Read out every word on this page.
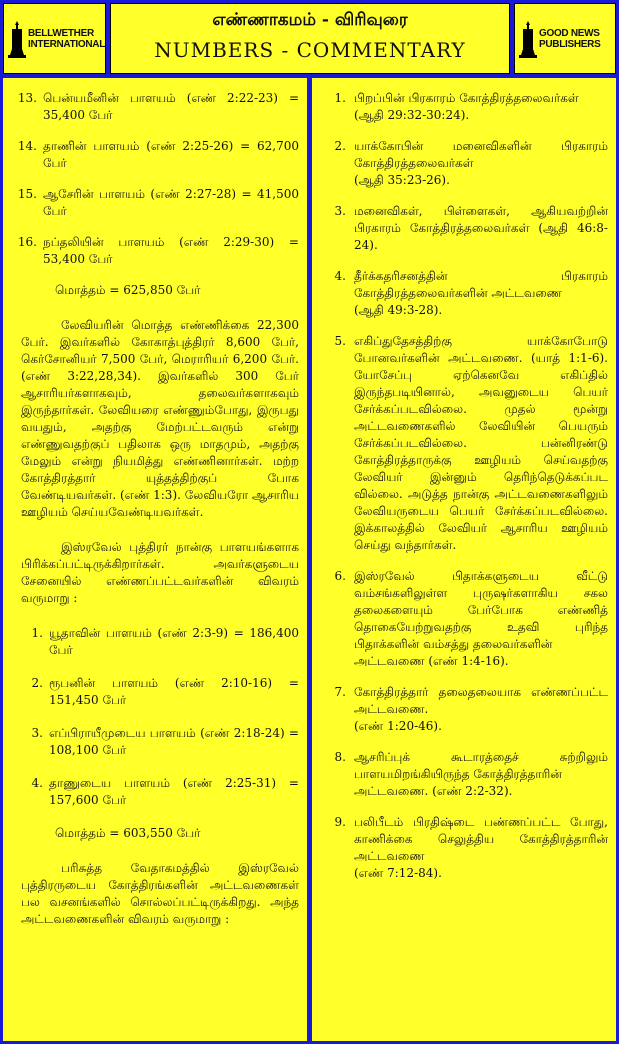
BELLWETHER
INTERNATIONAL
எண்ணாகமம் - விரிவுரை
NUMBERS - COMMENTARY
GOOD NEWS
PUBLISHERS
13. பென்யமீனின் பாளயம் (எண் 2:22-23) = 35,400 பேர்
14. தாணின் பாளயம் (எண் 2:25-26) = 62,700 பேர்
15. ஆசேரின் பாளயம் (எண் 2:27-28) = 41,500 பேர்
16. நப்தலியின் பாளயம் (எண் 2:29-30) = 53,400 பேர்
மொத்தம் = 625,850 பேர்

லேவியரின் மொத்த எண்ணிக்கை 22,300 பேர். இவர்களில் கோகாத்புத்திரர் 8,600 பேர், கெர்சோனியர் 7,500 பேர், மெராரியர் 6,200 பேர். (எண் 3:22,28,34). இவர்களில் 300 பேர் ஆசாரியர்களாகவும், தலைவர்களாகவும் இருந்தார்கள். லேவியரை எண்ணும்போது, இருபது வயதும், அதற்கு மேற்பட்டவரும் என்று எண்ணுவதற்குப் பதிலாக ஒரு மாதமும், அதற்கு மேலும் என்று நியமித்து எண்ணினார்கள். மற்ற கோத்திரத்தார் யுத்தத்திற்குப் போக வேண்டியவர்கள். (எண் 1:3). லேவியரோ ஆசாரிய ஊழியம் செய்யவேண்டியவர்கள்.

இஸ்ரவேல் புத்திரர் நான்கு பாளயங்களாக பிரிக்கப்பட்டிருக்கிறார்கள். அவர்களுடைய சேனையில் எண்ணப்பட்டவர்களின் விவரம் வருமாறு :

1. யூதாவின் பாளயம் (எண் 2:3-9) = 186,400 பேர்
2. ரூபனின் பாளயம் (எண் 2:10-16) = 151,450 பேர்
3. எப்பிராயீமுடைய பாளயம் (எண் 2:18-24) = 108,100 பேர்
4. தாணுடைய பாளயம் (எண் 2:25-31) = 157,600 பேர்
மொத்தம் = 603,550 பேர்

பரிசுத்த வேதாகமத்தில் இஸ்ரவேல் புத்திரருடைய கோத்திரங்களின் அட்டவணைகள் பல வசனங்களில் சொல்லப்பட்டிருக்கிறது. அந்த அட்டவணைகளின் விவரம் வருமாறு :

1. பிறப்பின் பிரகாரம் கோத்திரத்தலைவர்கள்
(ஆதி 29:32-30:24).
2. யாக்கோபின் மனைவிகளின் பிரகாரம் கோத்திரத்தலைவர்கள்
(ஆதி 35:23-26).
3. மனைவிகள், பிள்ளைகள், ஆகியவற்றின் பிரகாரம் கோத்திரத்தலைவர்கள் (ஆதி 46:8-24).
4. தீர்க்கதரிசனத்தின் பிரகாரம் கோத்திரத்தலைவர்களின் அட்டவணை
(ஆதி 49:3-28).
5. எகிப்துதேசத்திற்கு யாக்கோபோடு போனவர்களின் அட்டவணை. (யாத் 1:1-6). யோசேப்பு ஏற்கெனவே எகிப்தில் இருந்தபடியினால், அவனுடைய பெயர் சேர்க்கப்படவில்லை. முதல் மூன்று அட்டவணைகளில் லேவியின் பெயரும் சேர்க்கப்படவில்லை. பன்னிரண்டு கோத்திரத்தாருக்கு ஊழியம் செய்வதற்கு லேவியர் இன்னும் தெரிந்தெடுக்கப்பட வில்லை. அடுத்த நான்கு அட்டவணைகளிலும் லேவியருடைய பெயர் சேர்க்கப்படவில்லை. இக்காலத்தில் லேவியர் ஆசாரிய ஊழியம் செய்து வந்தார்கள்.
6. இஸ்ரவேல் பிதாக்களுடைய வீட்டு வம்சங்களிலுள்ள புருஷர்களாகிய சகல தலைகளையும் பேர்போக எண்ணித் தொகையேற்றுவதற்கு உதவி புரிந்த பிதாக்களின் வம்சத்து தலைவர்களின்
அட்டவணை (எண் 1:4-16).
7. கோத்திரத்தார் தலைதலையாக எண்ணப்பட்ட அட்டவணை.
(எண் 1:20-46).
8. ஆசரிப்புக் கூடாரத்தைச் சுற்றிலும் பாளயமிறங்கியிருந்த கோத்திரத்தாரின்
அட்டவணை. (எண் 2:2-32).
9. பலிபீடம் பிரதிஷ்டை பண்ணப்பட்ட போது, காணிக்கை செலுத்திய கோத்திரத்தாரின் அட்டவணை
(எண் 7:12-84).
